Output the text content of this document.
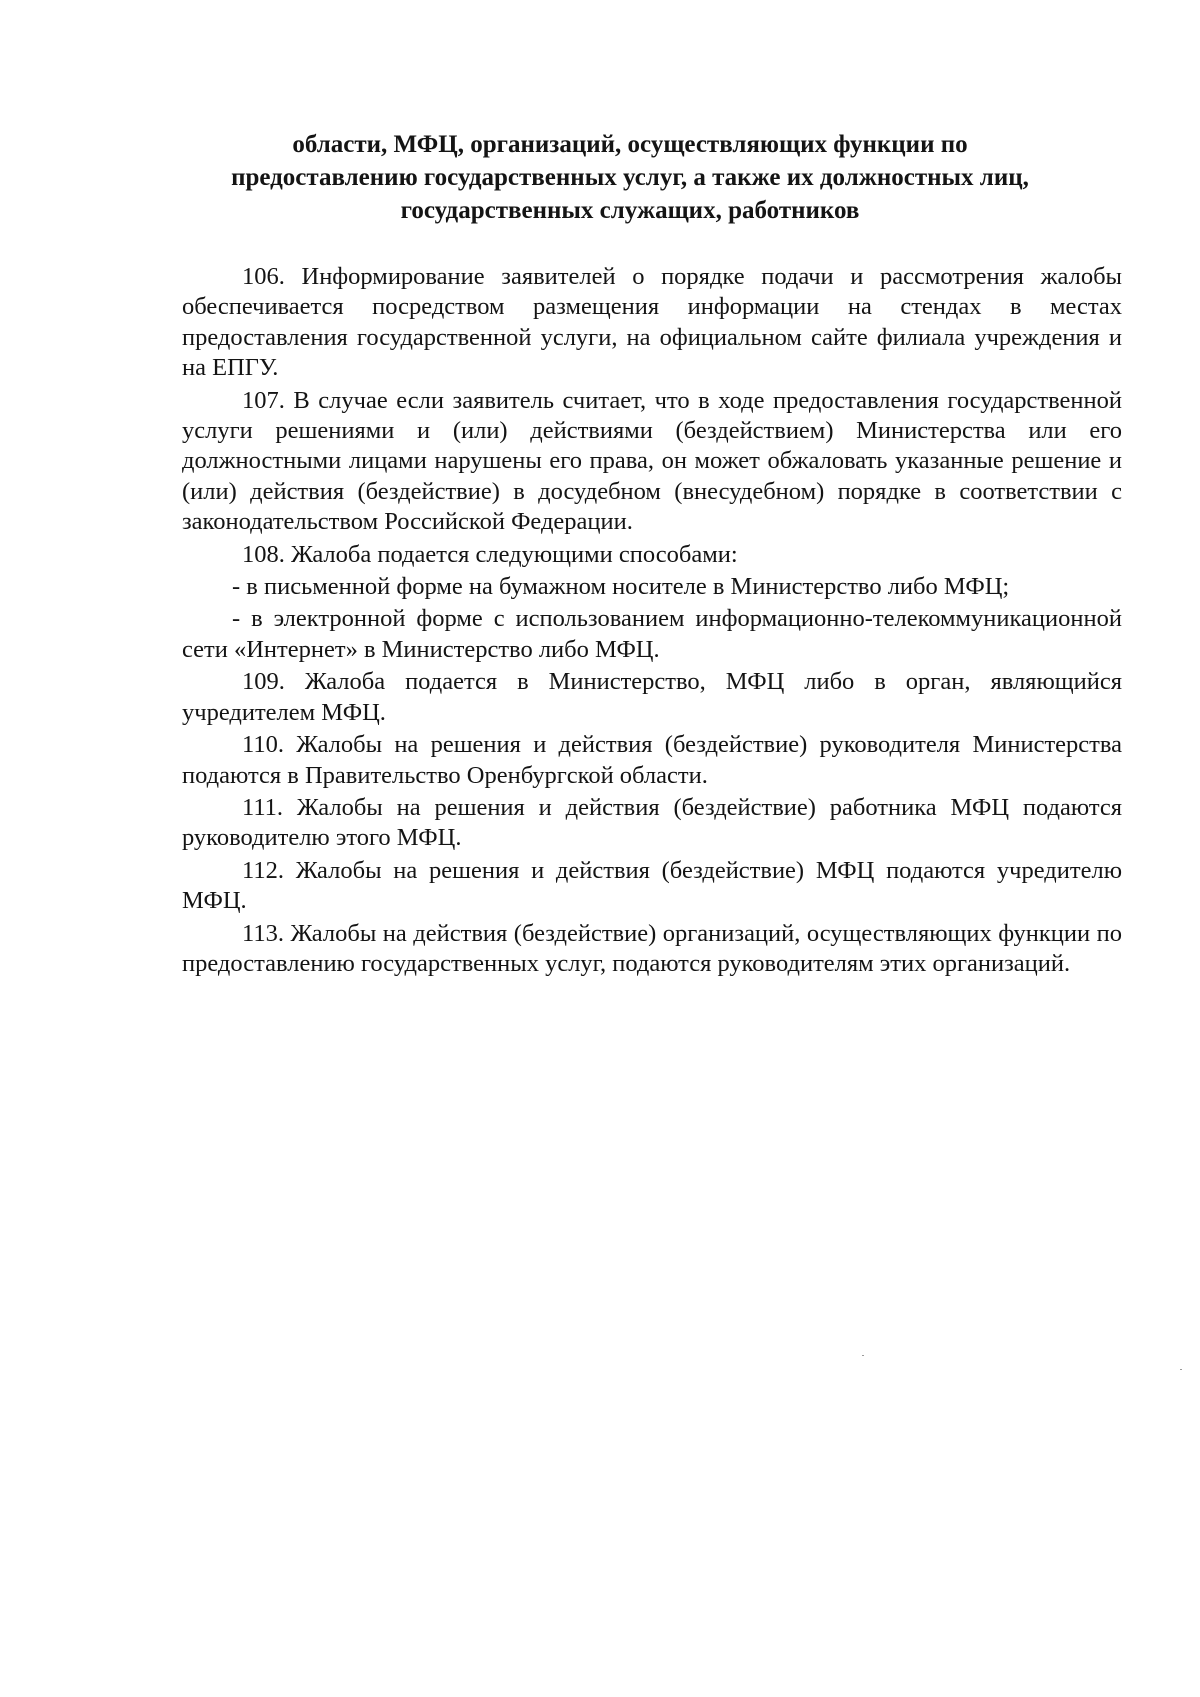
области, МФЦ, организаций, осуществляющих функции по
предоставлению государственных услуг, а также их должностных лиц,
государственных служащих, работников

106. Информирование заявителей о порядке подачи и рассмотрения жалобы обеспечивается посредством размещения информации на стендах в местах предоставления государственной услуги, на официальном сайте филиала учреждения и на ЕПГУ.

107. В случае если заявитель считает, что в ходе предоставления государственной услуги решениями и (или) действиями (бездействием) Министерства или его должностными лицами нарушены его права, он может обжаловать указанные решение и (или) действия (бездействие) в досудебном (внесудебном) порядке в соответствии с законодательством Российской Федерации.

108. Жалоба подается следующими способами:

- в письменной форме на бумажном носителе в Министерство либо МФЦ;

- в электронной форме с использованием информационно-телекоммуникационной сети «Интернет» в Министерство либо МФЦ.

109. Жалоба подается в Министерство, МФЦ либо в орган, являющийся учредителем МФЦ.

110. Жалобы на решения и действия (бездействие) руководителя Министерства подаются в Правительство Оренбургской области.

111. Жалобы на решения и действия (бездействие) работника МФЦ подаются руководителю этого МФЦ.

112. Жалобы на решения и действия (бездействие) МФЦ подаются учредителю МФЦ.

113. Жалобы на действия (бездействие) организаций, осуществляющих функции по предоставлению государственных услуг, подаются руководителям этих организаций.
